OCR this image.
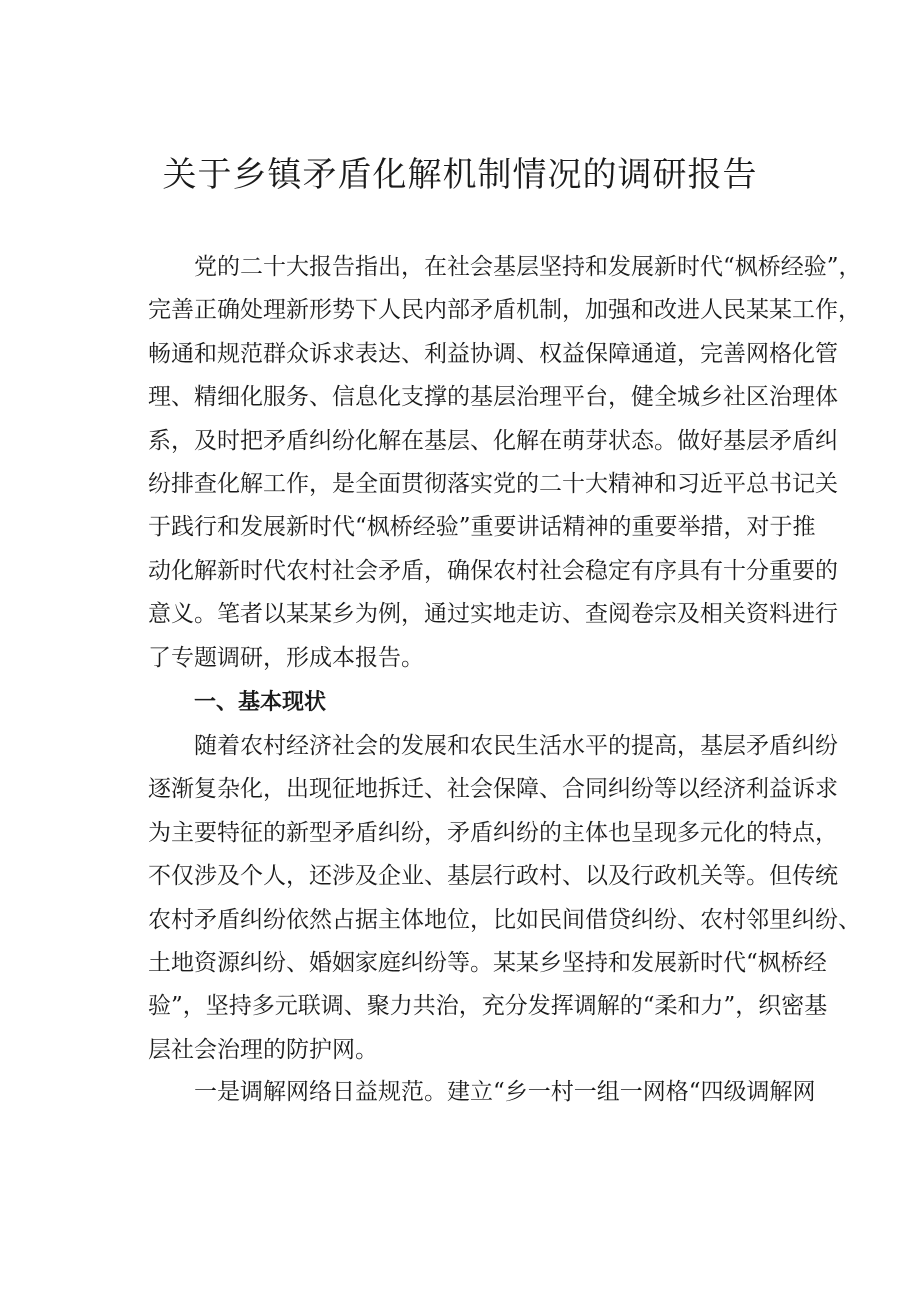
关于乡镇矛盾化解机制情况的调研报告
党的二十大报告指出，在社会基层坚持和发展新时代“枫桥经验”，
完善正确处理新形势下人民内部矛盾机制，加强和改进人民某某工作，
畅通和规范群众诉求表达、利益协调、权益保障通道，完善网格化管
理、精细化服务、信息化支撑的基层治理平台，健全城乡社区治理体
系，及时把矛盾纠纷化解在基层、化解在萌芽状态。做好基层矛盾纠
纷排查化解工作，是全面贯彻落实党的二十大精神和习近平总书记关
于践行和发展新时代“枫桥经验”重要讲话精神的重要举措，对于推
动化解新时代农村社会矛盾，确保农村社会稳定有序具有十分重要的
意义。笔者以某某乡为例，通过实地走访、查阅卷宗及相关资料进行
了专题调研，形成本报告。
一、基本现状
随着农村经济社会的发展和农民生活水平的提高，基层矛盾纠纷
逐渐复杂化，出现征地拆迁、社会保障、合同纠纷等以经济利益诉求
为主要特征的新型矛盾纠纷，矛盾纠纷的主体也呈现多元化的特点，
不仅涉及个人，还涉及企业、基层行政村、以及行政机关等。但传统
农村矛盾纠纷依然占据主体地位，比如民间借贷纠纷、农村邻里纠纷、
土地资源纠纷、婚姻家庭纠纷等。某某乡坚持和发展新时代“枫桥经
验”，坚持多元联调、聚力共治，充分发挥调解的“柔和力”，织密基
层社会治理的防护网。
一是调解网络日益规范。建立“乡一村一组一网格“四级调解网
